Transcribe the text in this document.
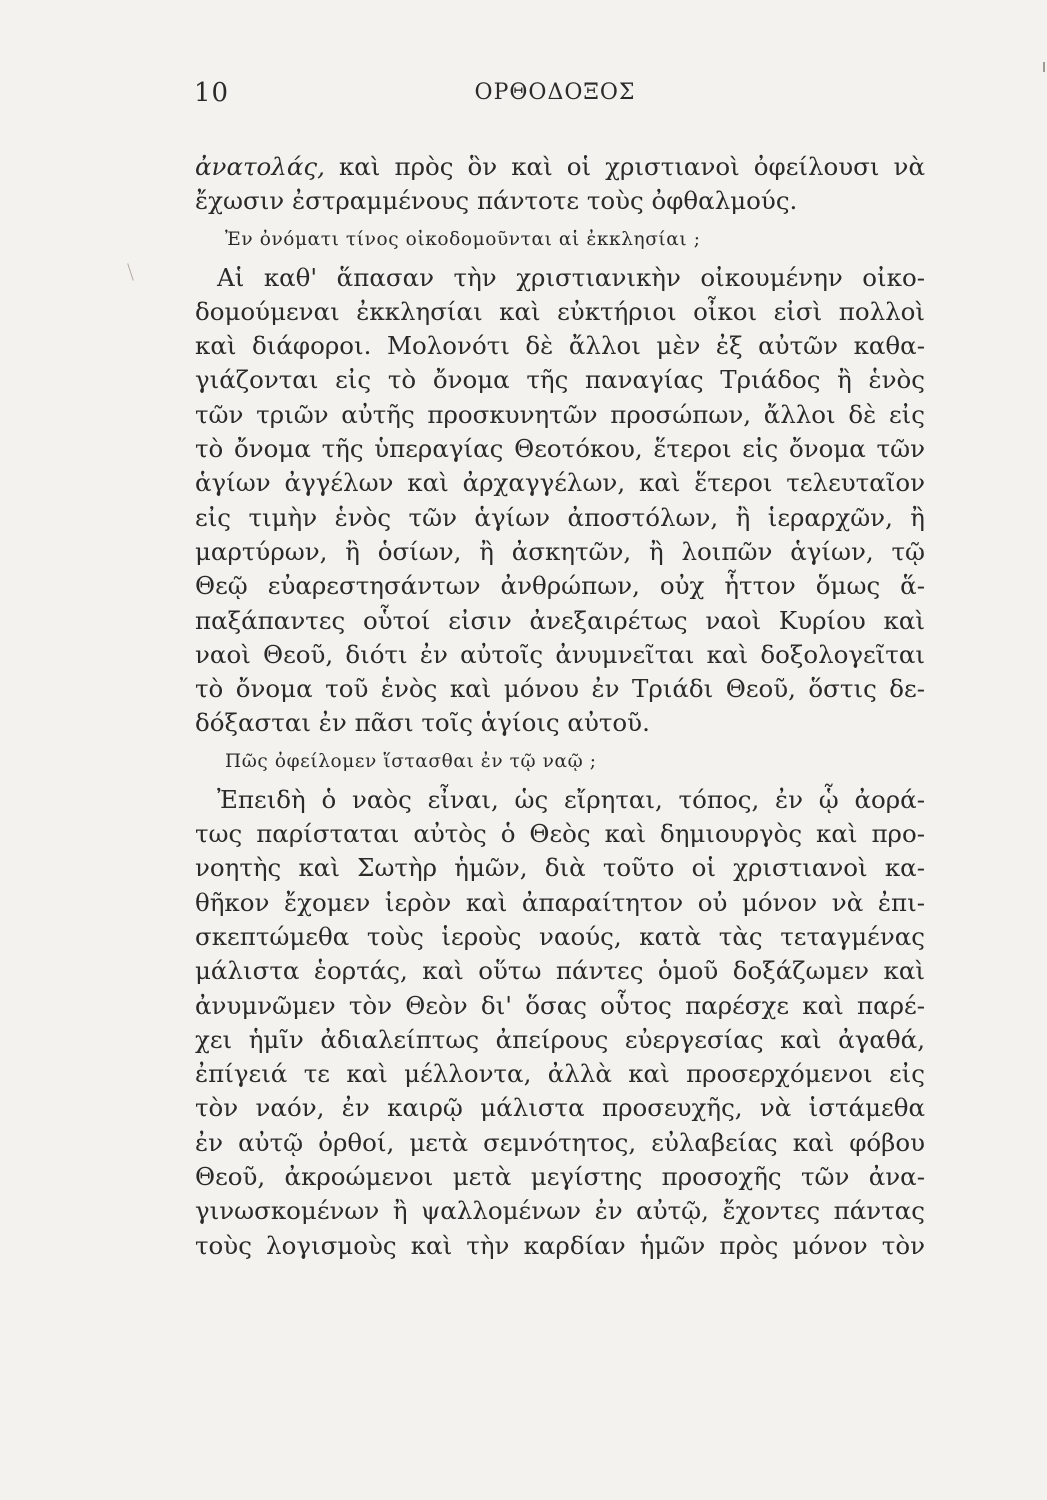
10	ΟΡΘΟΔΟΞΟΣ
ἀνατολάς, καὶ πρὸς ὃν καὶ οἱ χριστιανοὶ ὀφείλουσι νὰ
ἔχωσιν ἐστραμμένους πάντοτε τοὺς ὀφθαλμούς.
Ἐν ὀνόματι τίνος οἰκοδομοῦνται αἱ ἐκκλησίαι ;
Αἱ καθ' ἅπασαν τὴν χριστιανικὴν οἰκουμένην οἰκο-
δομούμεναι ἐκκλησίαι καὶ εὐκτήριοι οἶκοι εἰσὶ πολλοὶ
καὶ διάφοροι. Μολονότι δὲ ἄλλοι μὲν ἐξ αὐτῶν καθα-
γιάζονται εἰς τὸ ὄνομα τῆς παναγίας Τριάδος ἢ ἑνὸς
τῶν τριῶν αὐτῆς προσκυνητῶν προσώπων, ἄλλοι δὲ εἰς
τὸ ὄνομα τῆς ὑπεραγίας Θεοτόκου, ἕτεροι εἰς ὄνομα τῶν
ἁγίων ἀγγέλων καὶ ἀρχαγγέλων, καὶ ἕτεροι τελευταῖον
εἰς τιμὴν ἑνὸς τῶν ἁγίων ἀποστόλων, ἢ ἱεραρχῶν, ἢ
μαρτύρων, ἢ ὁσίων, ἢ ἀσκητῶν, ἢ λοιπῶν ἁγίων, τῷ
Θεῷ εὐαρεστησάντων ἀνθρώπων, οὐχ ἧττον ὅμως ἅ-
παξάπαντες οὗτοί εἰσιν ἀνεξαιρέτως ναοὶ Κυρίου καὶ
ναοὶ Θεοῦ, διότι ἐν αὐτοῖς ἀνυμνεῖται καὶ δοξολογεῖται
τὸ ὄνομα τοῦ ἑνὸς καὶ μόνου ἐν Τριάδι Θεοῦ, ὅστις δε-
δόξασται ἐν πᾶσι τοῖς ἁγίοις αὐτοῦ.
Πῶς ὀφείλομεν ἵστασθαι ἐν τῷ ναῷ ;
Ἐπειδὴ ὁ ναὸς εἶναι, ὡς εἴρηται, τόπος, ἐν ᾧ ἀορά-
τως παρίσταται αὐτὸς ὁ Θεὸς καὶ δημιουργὸς καὶ προ-
νοητὴς καὶ Σωτὴρ ἡμῶν, διὰ τοῦτο οἱ χριστιανοὶ κα-
θῆκον ἔχομεν ἱερὸν καὶ ἀπαραίτητον οὐ μόνον νὰ ἐπι-
σκεπτώμεθα τοὺς ἱεροὺς ναούς, κατὰ τὰς τεταγμένας
μάλιστα ἑορτάς, καὶ οὕτω πάντες ὁμοῦ δοξάζωμεν καὶ
ἀνυμνῶμεν τὸν Θεὸν δι' ὅσας οὗτος παρέσχε καὶ παρέ-
χει ἡμῖν ἀδιαλείπτως ἀπείρους εὐεργεσίας καὶ ἀγαθά,
ἐπίγειά τε καὶ μέλλοντα, ἀλλὰ καὶ προσερχόμενοι εἰς
τὸν ναόν, ἐν καιρῷ μάλιστα προσευχῆς, νὰ ἱστάμεθα
ἐν αὐτῷ ὀρθοί, μετὰ σεμνότητος, εὐλαβείας καὶ φόβου
Θεοῦ, ἀκροώμενοι μετὰ μεγίστης προσοχῆς τῶν ἀνα-
γινωσκομένων ἢ ψαλλομένων ἐν αὐτῷ, ἔχοντες πάντας
τοὺς λογισμοὺς καὶ τὴν καρδίαν ἡμῶν πρὸς μόνον τὸν
